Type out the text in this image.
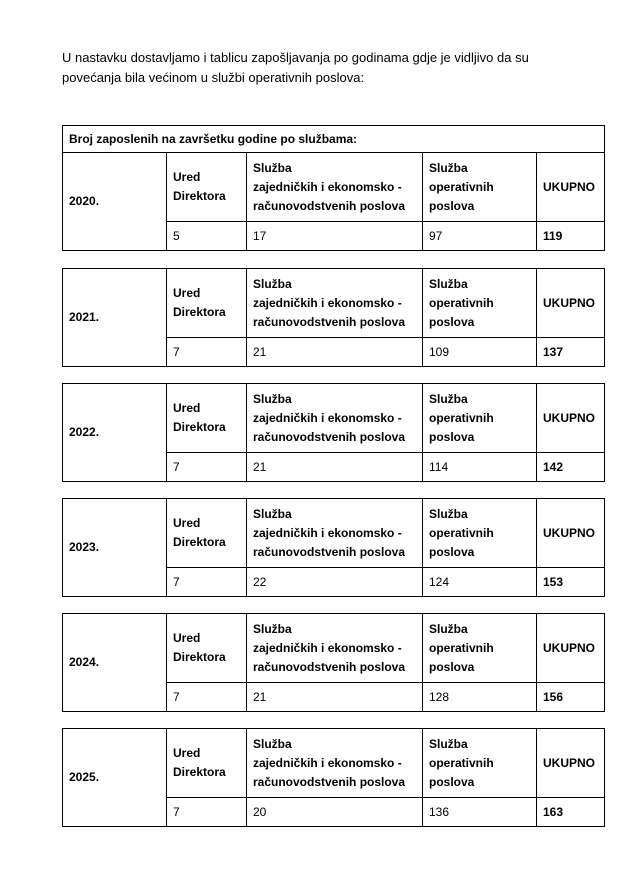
U nastavku dostavljamo i tablicu zapošljavanja po godinama gdje je vidljivo da su
povećanja bila većinom u službi operativnih poslova:

Broj zaposlenih na završetku godine po službama:				
2020.	Ured
Direktora	Služba
zajedničkih i ekonomsko -
računovodstvenih poslova	Služba
operativnih
poslova	UKUPNO
	5	17	97	119
2021.	Ured
Direktora	Služba
zajedničkih i ekonomsko -
računovodstvenih poslova	Služba
operativnih
poslova	UKUPNO
	7	21	109	137
2022.	Ured
Direktora	Služba
zajedničkih i ekonomsko -
računovodstvenih poslova	Služba
operativnih
poslova	UKUPNO
	7	21	114	142
2023.	Ured
Direktora	Služba
zajedničkih i ekonomsko -
računovodstvenih poslova	Služba
operativnih
poslova	UKUPNO
	7	22	124	153
2024.	Ured
Direktora	Služba
zajedničkih i ekonomsko -
računovodstvenih poslova	Služba
operativnih
poslova	UKUPNO
	7	21	128	156
2025.	Ured
Direktora	Služba
zajedničkih i ekonomsko -
računovodstvenih poslova	Služba
operativnih
poslova	UKUPNO
	7	20	136	163
